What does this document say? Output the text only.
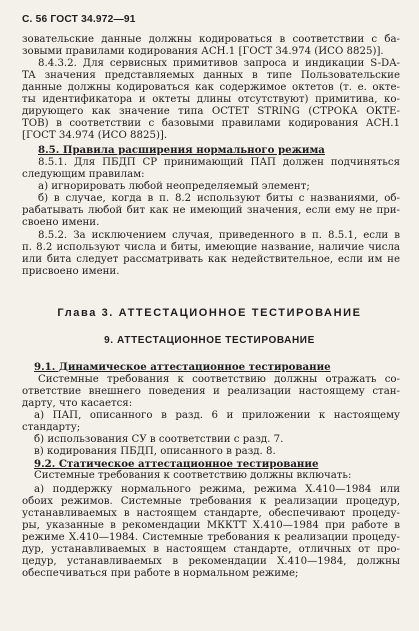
С. 56 ГОСТ 34.972—91
зовательские данные должны кодироваться в соответствии с ба-
зовыми правилами кодирования АСН.1 [ГОСТ 34.974 (ИСО 8825)].
8.4.3.2. Для сервисных примитивов запроса и индикации S-DA-
TA значения представляемых данных в типе Пользовательские
данные должны кодироваться как содержимое октетов (т. е. окте-
ты идентификатора и октеты длины отсутствуют) примитива, ко-
дирующего как значение типа OCTET STRING (СТРОКА ОКТЕ-
ТОВ) в соответствии с базовыми правилами кодирования АСН.1
[ГОСТ 34.974 (ИСО 8825)].
8.5. Правила расширения нормального режима
8.5.1. Для ПБДП СР принимающий ПАП должен подчиняться
следующим правилам:
а) игнорировать любой неопределяемый элемент;
б) в случае, когда в п. 8.2 используют биты с названиями, об-
рабатывать любой бит как не имеющий значения, если ему не при-
своено имени.
8.5.2. За исключением случая, приведенного в п. 8.5.1, если в
п. 8.2 используют числа и биты, имеющие название, наличие числа
или бита следует рассматривать как недействительное, если им не
присвоено имени.
Глава 3. АТТЕСТАЦИОННОЕ ТЕСТИРОВАНИЕ
9. АТТЕСТАЦИОННОЕ ТЕСТИРОВАНИЕ
9.1. Динамическое аттестационное тестирование
Системные требования к соответствию должны отражать со-
ответствие внешнего поведения и реализации настоящему стан-
дарту, что касается:
а) ПАП, описанного в разд. 6 и приложении к настоящему
стандарту;
б) использования СУ в соответствии с разд. 7.
в) кодирования ПБДП, описанного в разд. 8.
9.2. Статическое аттестационное тестирование
Системные требования к соответствию должны включать:
а) поддержку нормального режима, режима Х.410—1984 или
обоих режимов. Системные требования к реализации процедур,
устанавливаемых в настоящем стандарте, обеспечивают процеду-
ры, указанные в рекомендации МККТТ Х.410—1984 при работе в
режиме Х.410—1984. Системные требования к реализации процеду-
дур, устанавливаемых в настоящем стандарте, отличных от про-
цедур, устанавливаемых в рекомендации Х.410—1984, должны
обеспечиваться при работе в нормальном режиме;
